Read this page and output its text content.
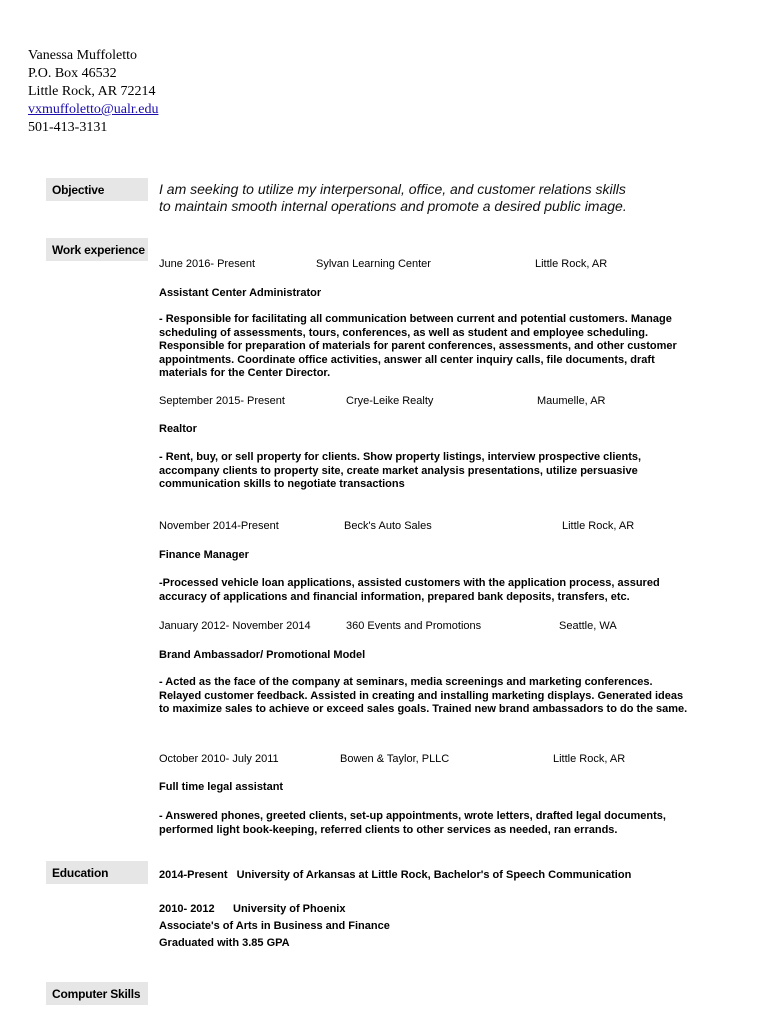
Vanessa Muffoletto
P.O. Box 46532
Little Rock, AR 72214
vxmuffoletto@ualr.edu
501-413-3131
Objective	I am seeking to utilize my interpersonal, office, and customer relations skills to maintain smooth internal operations and promote a desired public image.
Work experience
June 2016- Present	Sylvan Learning Center	Little Rock, AR
Assistant Center Administrator
- Responsible for facilitating all communication between current and potential customers. Manage scheduling of assessments, tours, conferences, as well as student and employee scheduling. Responsible for preparation of materials for parent conferences, assessments, and other customer appointments. Coordinate office activities, answer all center inquiry calls, file documents, draft materials for the Center Director.
September 2015- Present	Crye-Leike Realty	Maumelle, AR
Realtor
- Rent, buy, or sell property for clients. Show property listings, interview prospective clients, accompany clients to property site, create market analysis presentations, utilize persuasive communication skills to negotiate transactions
November 2014-Present	Beck's Auto Sales	Little Rock, AR
Finance Manager
-Processed vehicle loan applications, assisted customers with the application process, assured accuracy of applications and financial information, prepared bank deposits, transfers, etc.
January 2012- November 2014	360 Events and Promotions	Seattle, WA
Brand Ambassador/ Promotional Model
- Acted as the face of the company at seminars, media screenings and marketing conferences. Relayed customer feedback. Assisted in creating and installing marketing displays. Generated ideas to maximize sales to achieve or exceed sales goals. Trained new brand ambassadors to do the same.
October 2010- July 2011	Bowen & Taylor, PLLC	Little Rock, AR
Full time legal assistant
- Answered phones, greeted clients, set-up appointments, wrote letters, drafted legal documents, performed light book-keeping, referred clients to other services as needed, ran errands.
Education	2014-Present   University of Arkansas at Little Rock, Bachelor's of Speech Communication
2010- 2012      University of Phoenix
Associate's of Arts in Business and Finance
Graduated with 3.85 GPA
Computer Skills
